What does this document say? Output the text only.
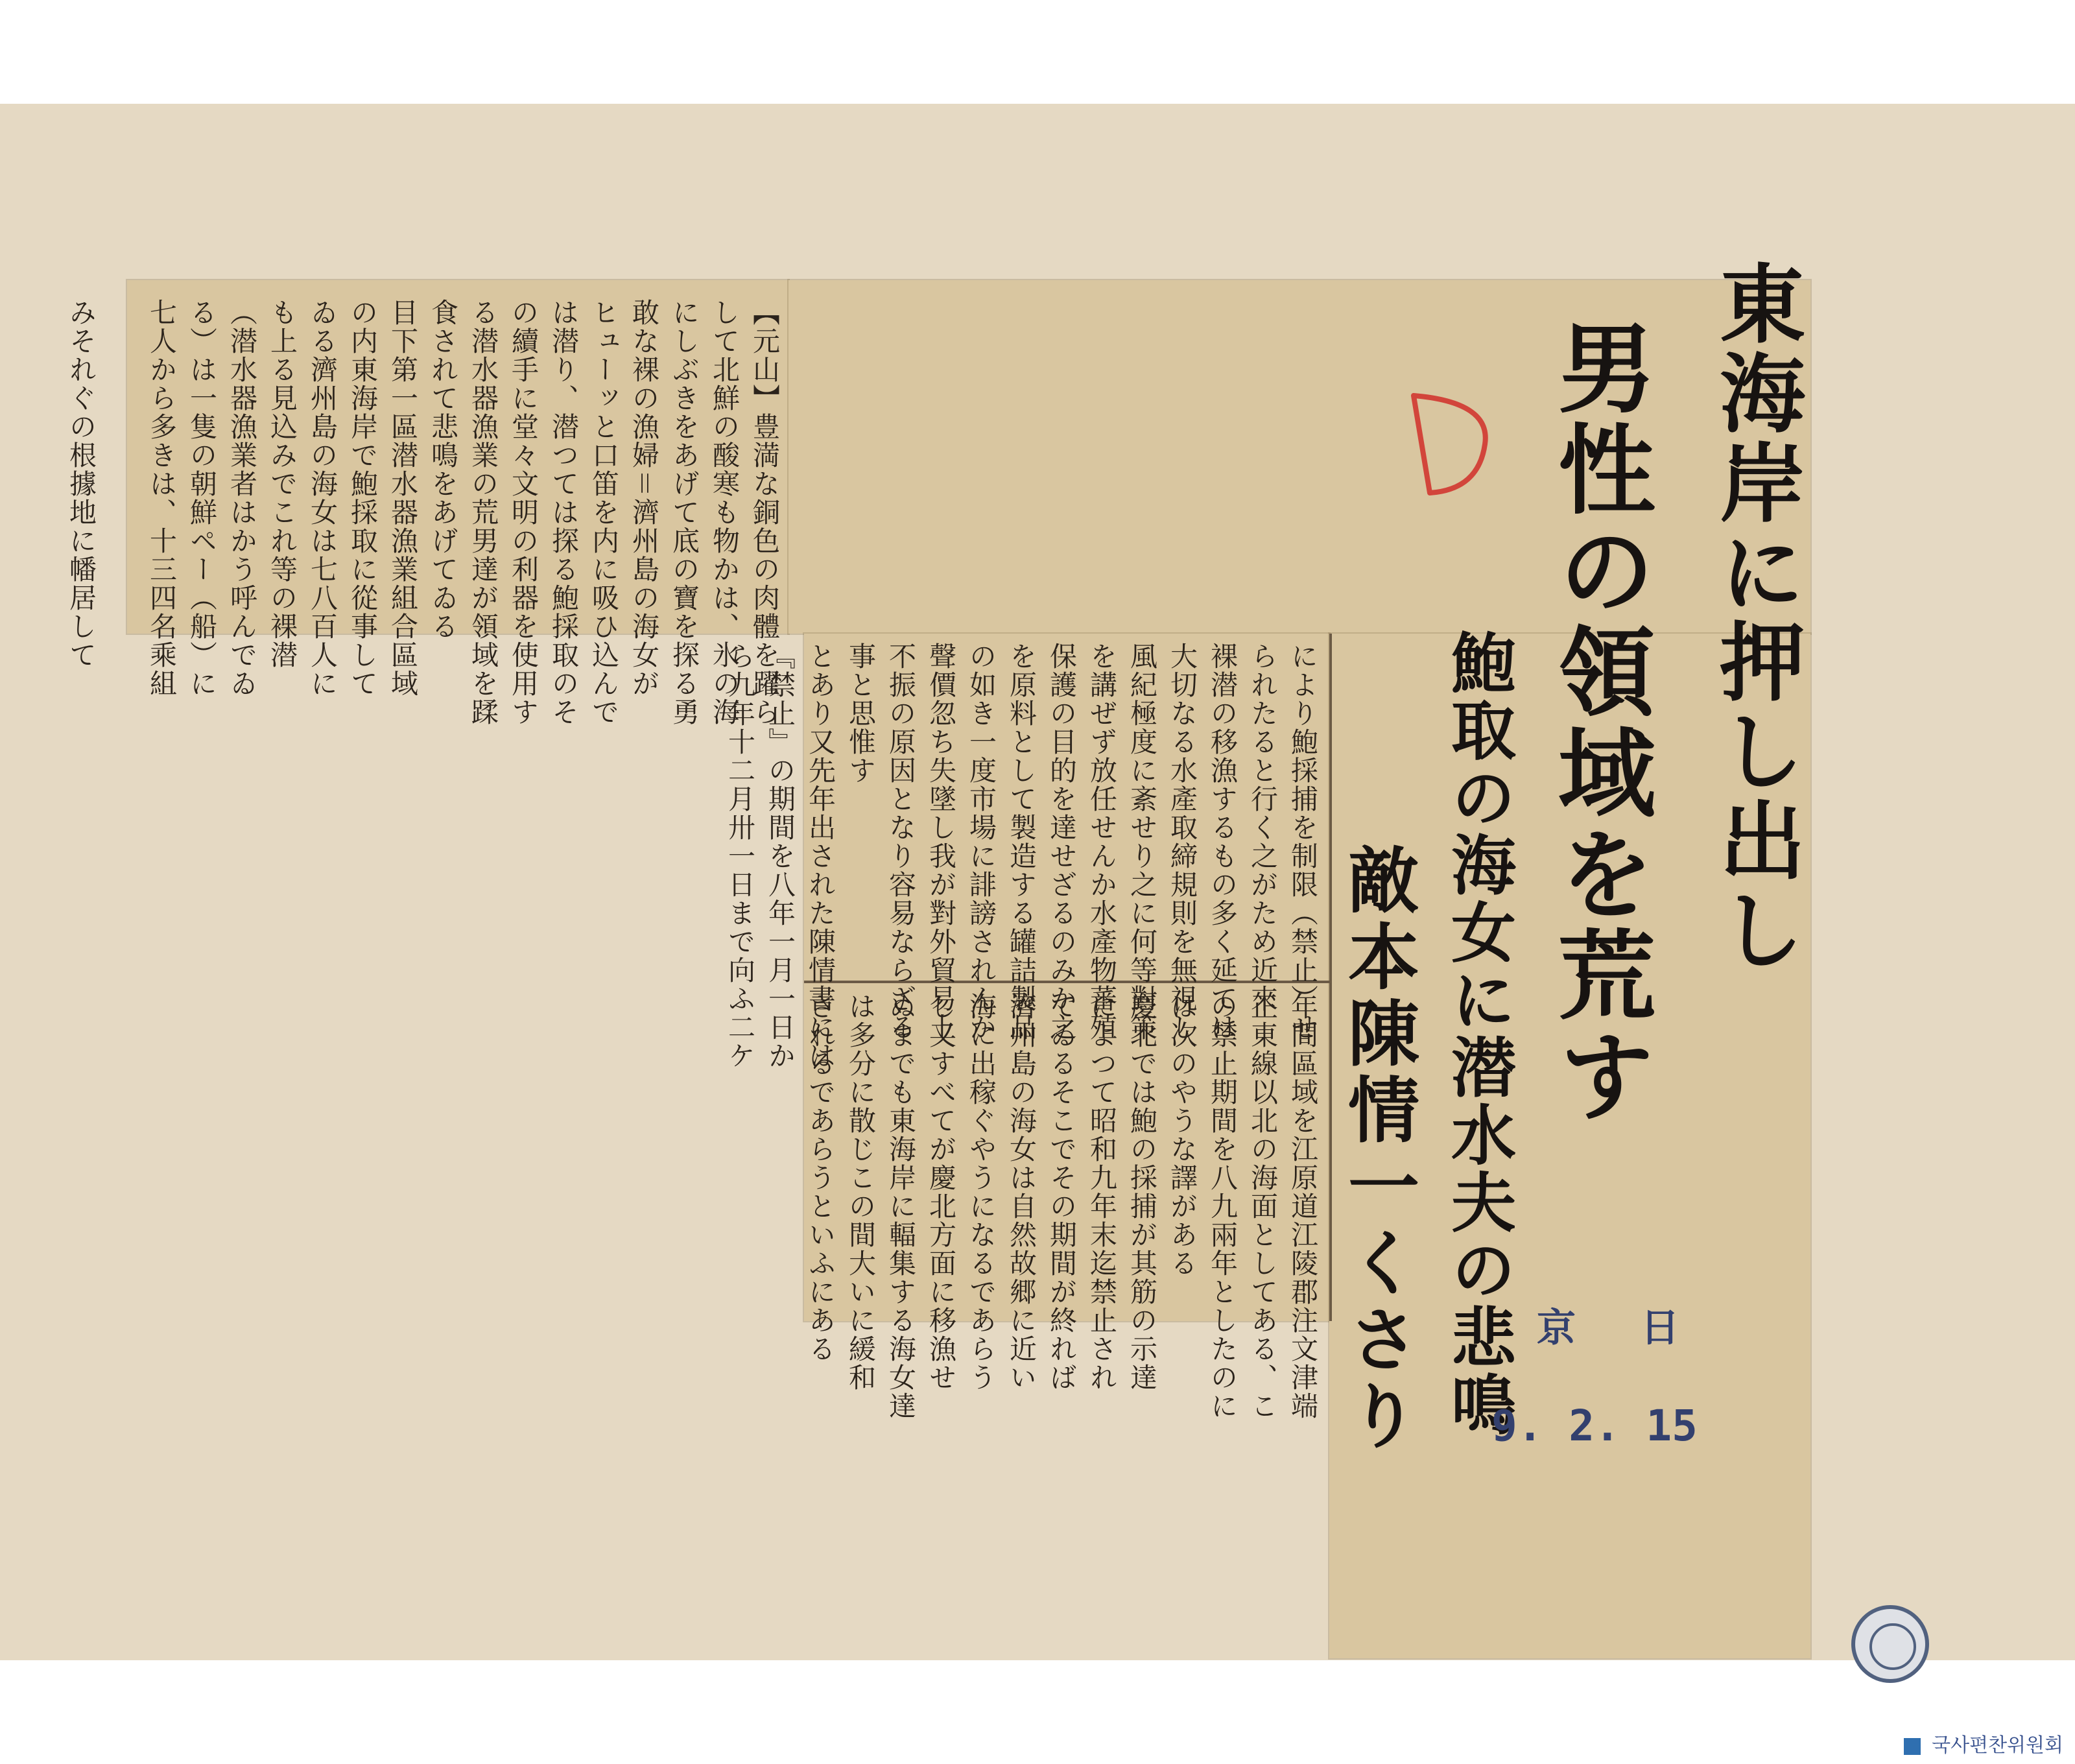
【元山】豊満な銅色の肉體を躍ら
して北鮮の酸寒も物かは、氷の海
にしぶきをあげて底の寶を探る勇
敢な裸の漁婦＝濟州島の海女が
ヒューッと口笛を内に吸ひ込んで
は潜り、潜つては探る鮑採取のそ
の續手に堂々文明の利器を使用す
る潜水器漁業の荒男達が領域を蹂
食されて悲鳴をあげてゐる
目下第一區潜水器漁業組合區域
の内東海岸で鮑採取に從事して
ゐる濟州島の海女は七八百人に
も上る見込みでこれ等の裸潜
（潜水器漁業者はかう呼んでゐ
る）は一隻の朝鮮ペー（船）に
七人から多きは、十三四名乘組

みそれぐの根據地に幡居して

により鮑採捕を制限（禁止）せ
られたると行く之がため近來
裸潜の移漁するもの多く延ては
大切なる水產取締規則を無視し
風紀極度に紊せり之に何等對策
を講ぜず放任せんか水產物蕃殖
保護の目的を達せざるのみか之
を原料として製造する罐詰製品
の如き一度市場に誹謗されんか
聲價忽ち失墜し我が對外貿易上
不振の原因となり容易ならざる
事と思惟す
とあり又先年出された陳情書には
『禁止』の期間を八年一月一日か
ら九年十二月卅一日まで向ふ二ケ
年間區域を江原道江陵郡注文津端
正東線以北の海面としてある、こ
の禁止期間を八九兩年としたのに
は次のやうな譯がある
慶北では鮑の採捕が其筋の示達
によつて昭和九年末迄禁止され
てゐるそこでその期間が終れば
濟州島の海女は自然故郷に近い
海に出稼ぐやうになるであらう
し又すべてが慶北方面に移漁せ
ぬまでも東海岸に輻集する海女達
は多分に散じこの間大いに緩和
されるであらうといふにある
東海岸に押し出し
男性の領域を荒す
鮑取の海女に潜水夫の悲鳴
敵本陳情一くさり	京　日
9. 2. 15
국사편찬위원회
